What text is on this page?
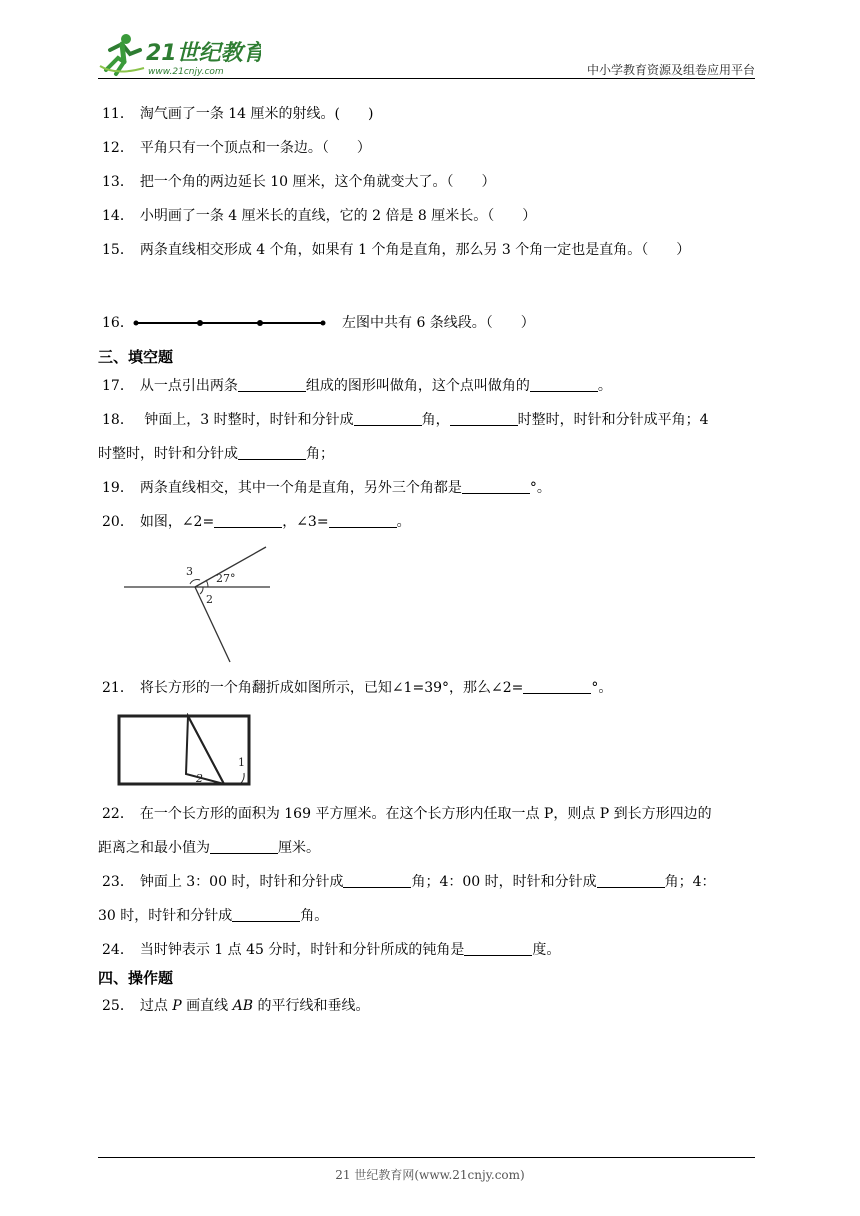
21世纪教育
www.21cnjy.com	中小学教育资源及组卷应用平台
11． 淘气画了一条 14 厘米的射线。(　　)
12． 平角只有一个顶点和一条边。（　　）
13． 把一个角的两边延长 10 厘米，这个角就变大了。（　　）
14． 小明画了一条 4 厘米长的直线，它的 2 倍是 8 厘米长。（　　）
15． 两条直线相交形成 4 个角，如果有 1 个角是直角，那么另 3 个角一定也是直角。（　　）
16．	左图中共有 6 条线段。（　　）
三、填空题
17． 从一点引出两条	组成的图形叫做角，这个点叫做角的	。
18． 钟面上，3 时整时，时针和分针成	角，	时整时，时针和分针成平角；4
时整时，时针和分针成	角；
19． 两条直线相交，其中一个角是直角，另外三个角都是	°。
20． 如图，∠2=	，∠3=	。
3
27°
2
21． 将长方形的一个角翻折成如图所示，已知∠1=39°，那么∠2=	°。
1
2
22． 在一个长方形的面积为 169 平方厘米。在这个长方形内任取一点 P，则点 P 到长方形四边的
距离之和最小值为	厘米。
23． 钟面上 3：00 时，时针和分针成	角；4：00 时，时针和分针成	角；4：
30 时，时针和分针成	角。
24． 当时钟表示 1 点 45 分时，时针和分针所成的钝角是	度。
四、操作题
25． 过点 P 画直线 AB 的平行线和垂线。
21 世纪教育网(www.21cnjy.com)
